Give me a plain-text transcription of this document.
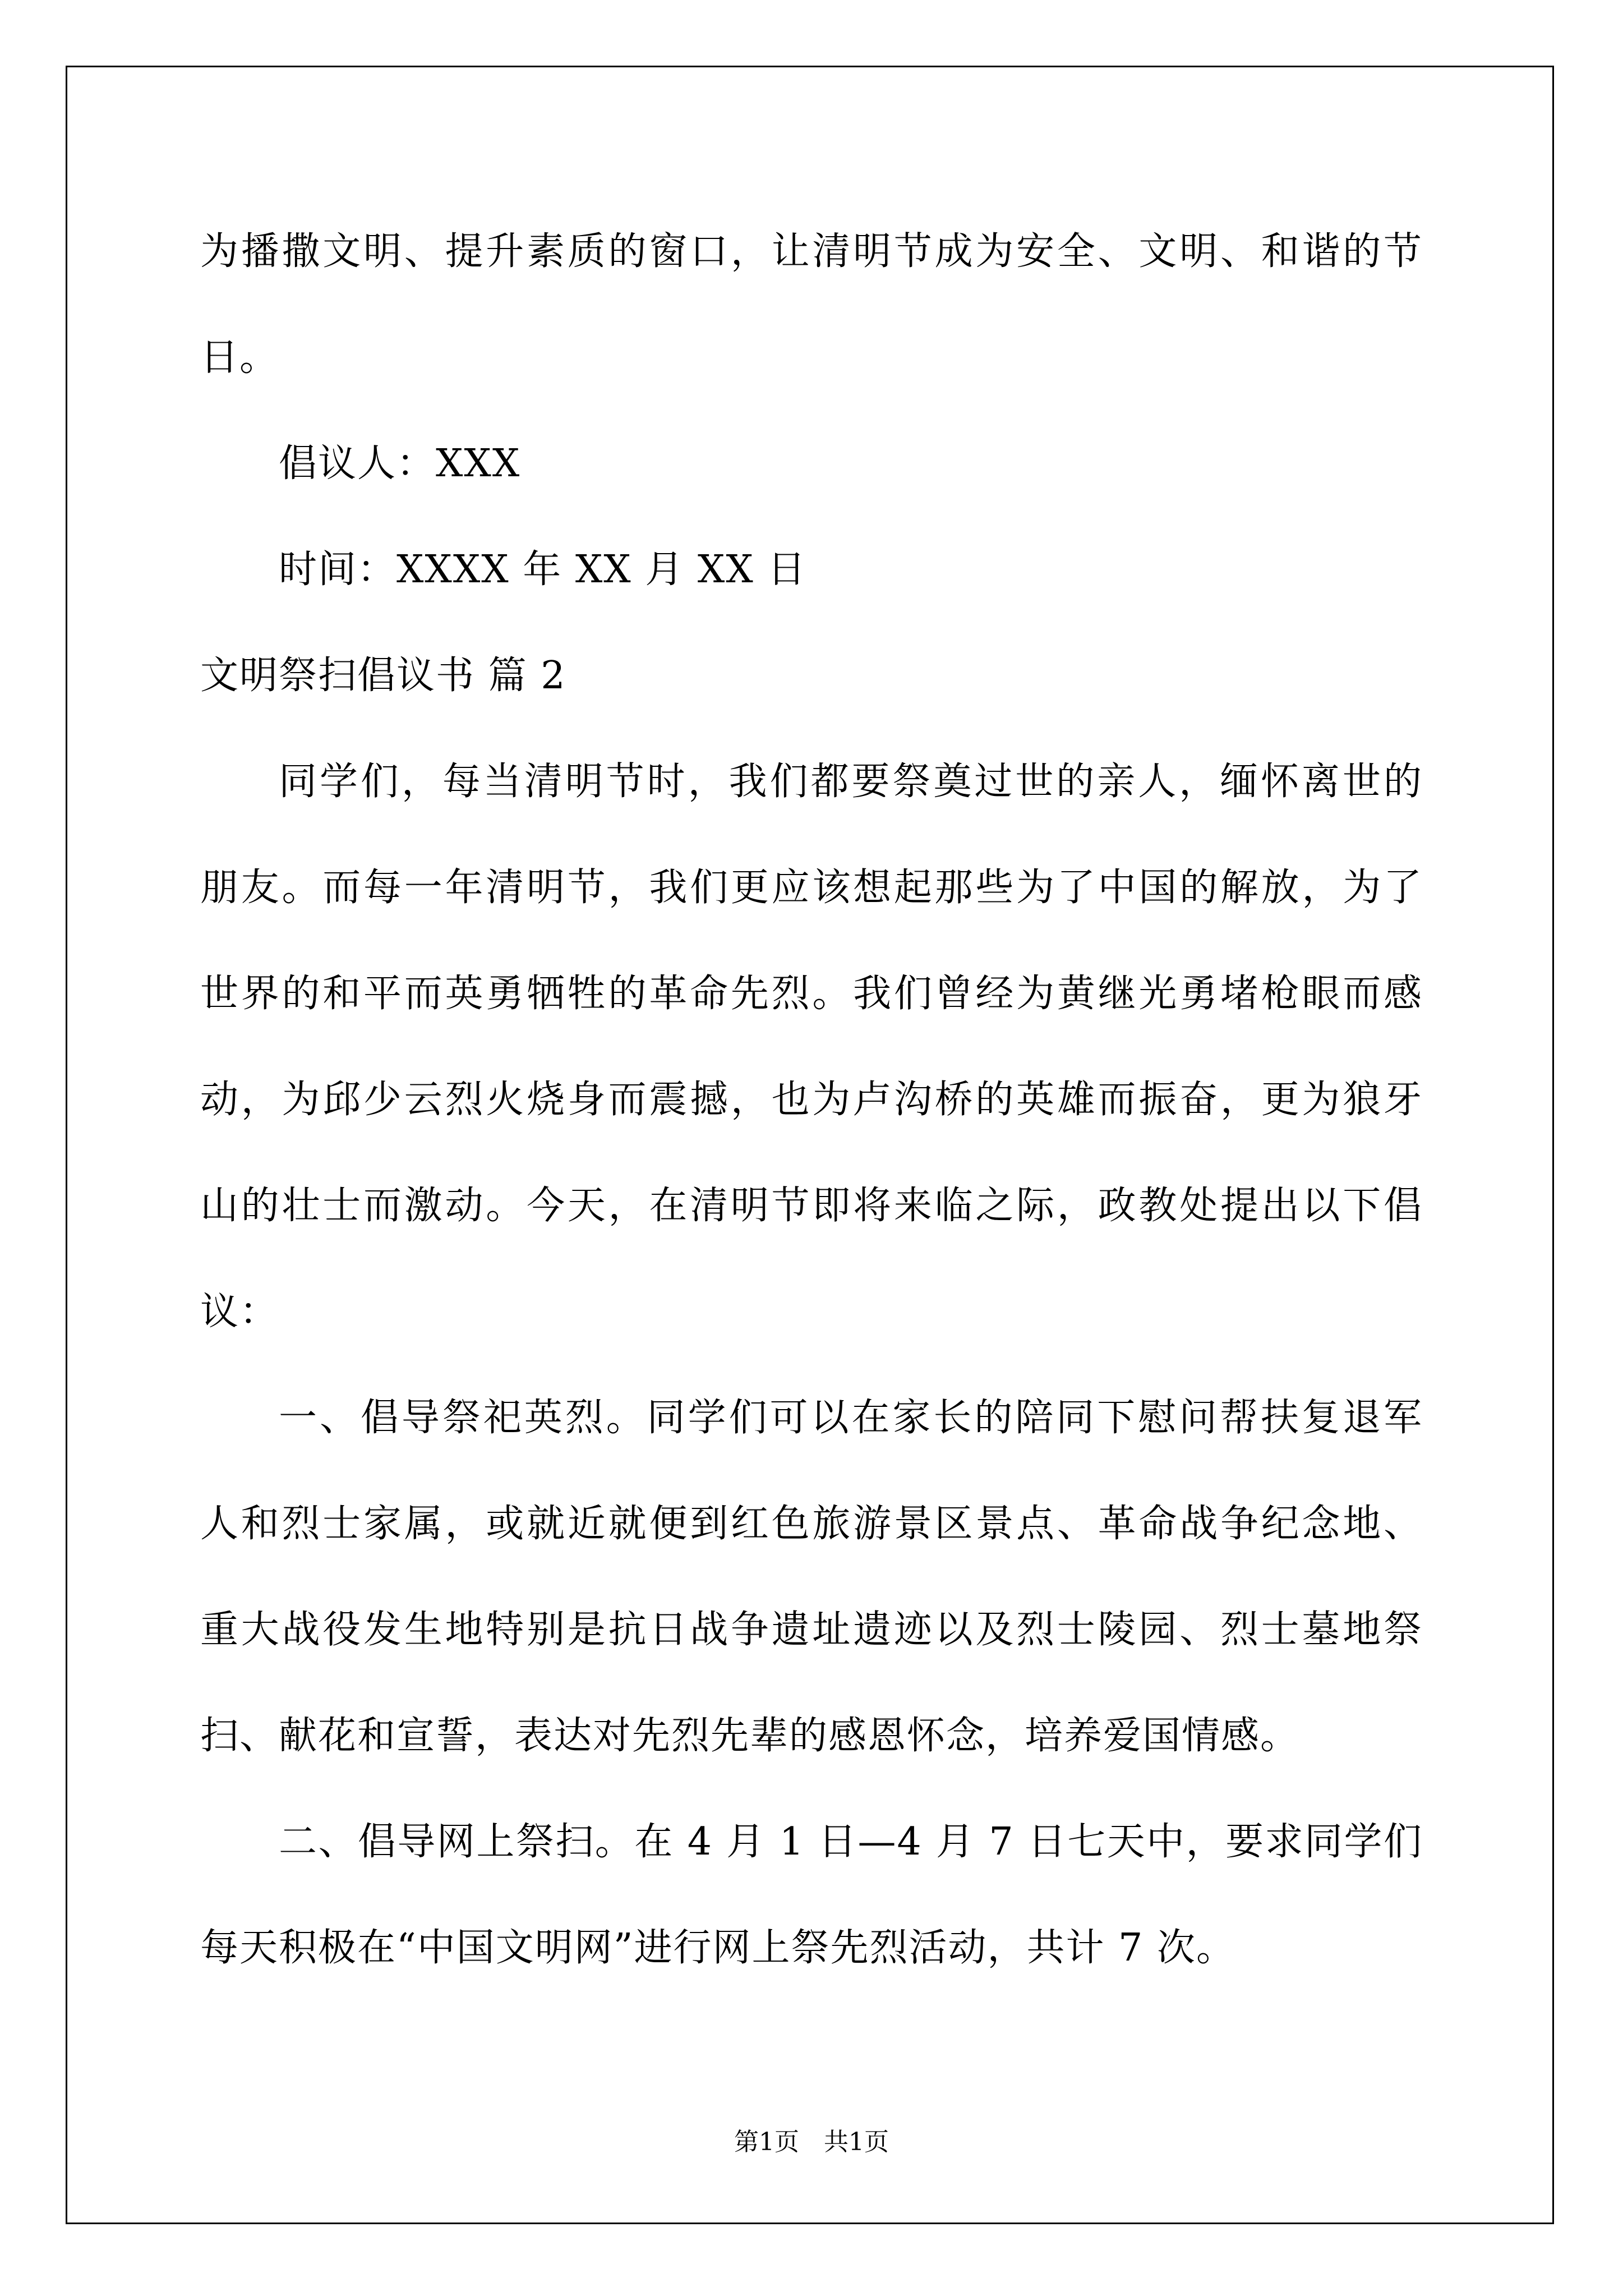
为播撒文明、提升素质的窗口，让清明节成为安全、文明、和谐的节
日。
倡议人：XXX
时间：XXXX 年 XX 月 XX 日
文明祭扫倡议书 篇 2
同学们，每当清明节时，我们都要祭奠过世的亲人，缅怀离世的
朋友。而每一年清明节，我们更应该想起那些为了中国的解放，为了
世界的和平而英勇牺牲的革命先烈。我们曾经为黄继光勇堵枪眼而感
动，为邱少云烈火烧身而震撼，也为卢沟桥的英雄而振奋，更为狼牙
山的壮士而激动。今天，在清明节即将来临之际，政教处提出以下倡
议：
一、倡导祭祀英烈。同学们可以在家长的陪同下慰问帮扶复退军
人和烈士家属，或就近就便到红色旅游景区景点、革命战争纪念地、
重大战役发生地特别是抗日战争遗址遗迹以及烈士陵园、烈士墓地祭
扫、献花和宣誓，表达对先烈先辈的感恩怀念，培养爱国情感。
二、倡导网上祭扫。在 4 月 1 日—4 月 7 日七天中，要求同学们
每天积极在“中国文明网”进行网上祭先烈活动，共计 7 次。
第1页　共1页
